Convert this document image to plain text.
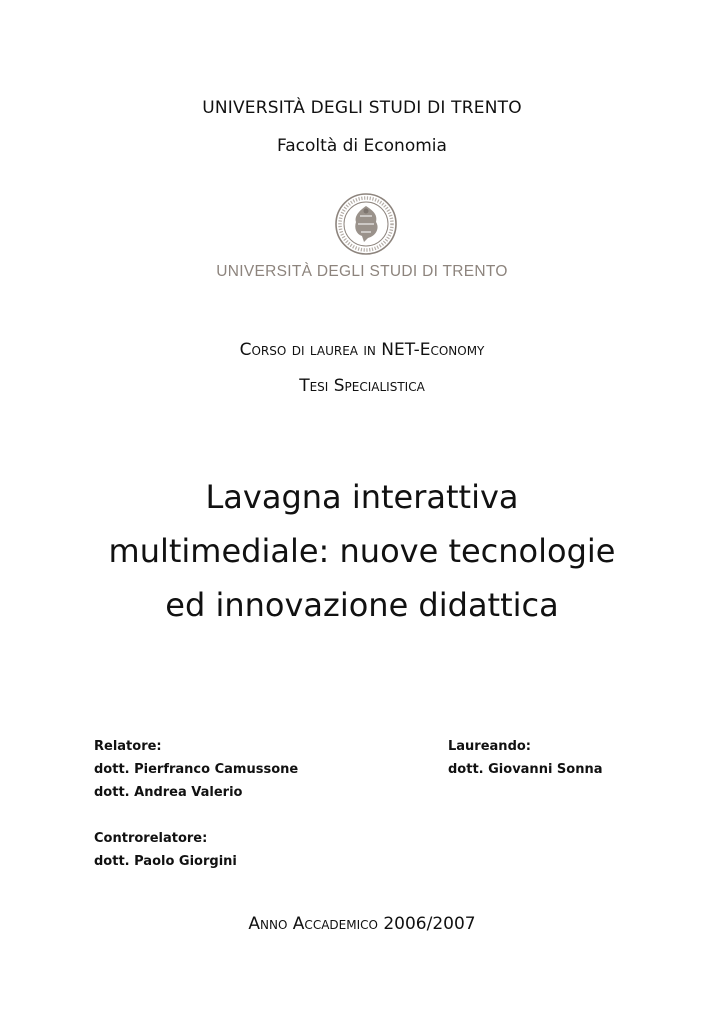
UNIVERSITÀ DEGLI STUDI DI TRENTO
Facoltà di Economia
UNIVERSITÀ DEGLI STUDI DI TRENTO
Corso di laurea in NET-Economy
Tesi Specialistica
Lavagna interattiva
multimediale: nuove tecnologie
ed innovazione didattica
Relatore:
dott. Pierfranco Camussone
dott. Andrea Valerio
Controrelatore:
dott. Paolo Giorgini
Laureando:
dott. Giovanni Sonna
Anno Accademico 2006/2007
